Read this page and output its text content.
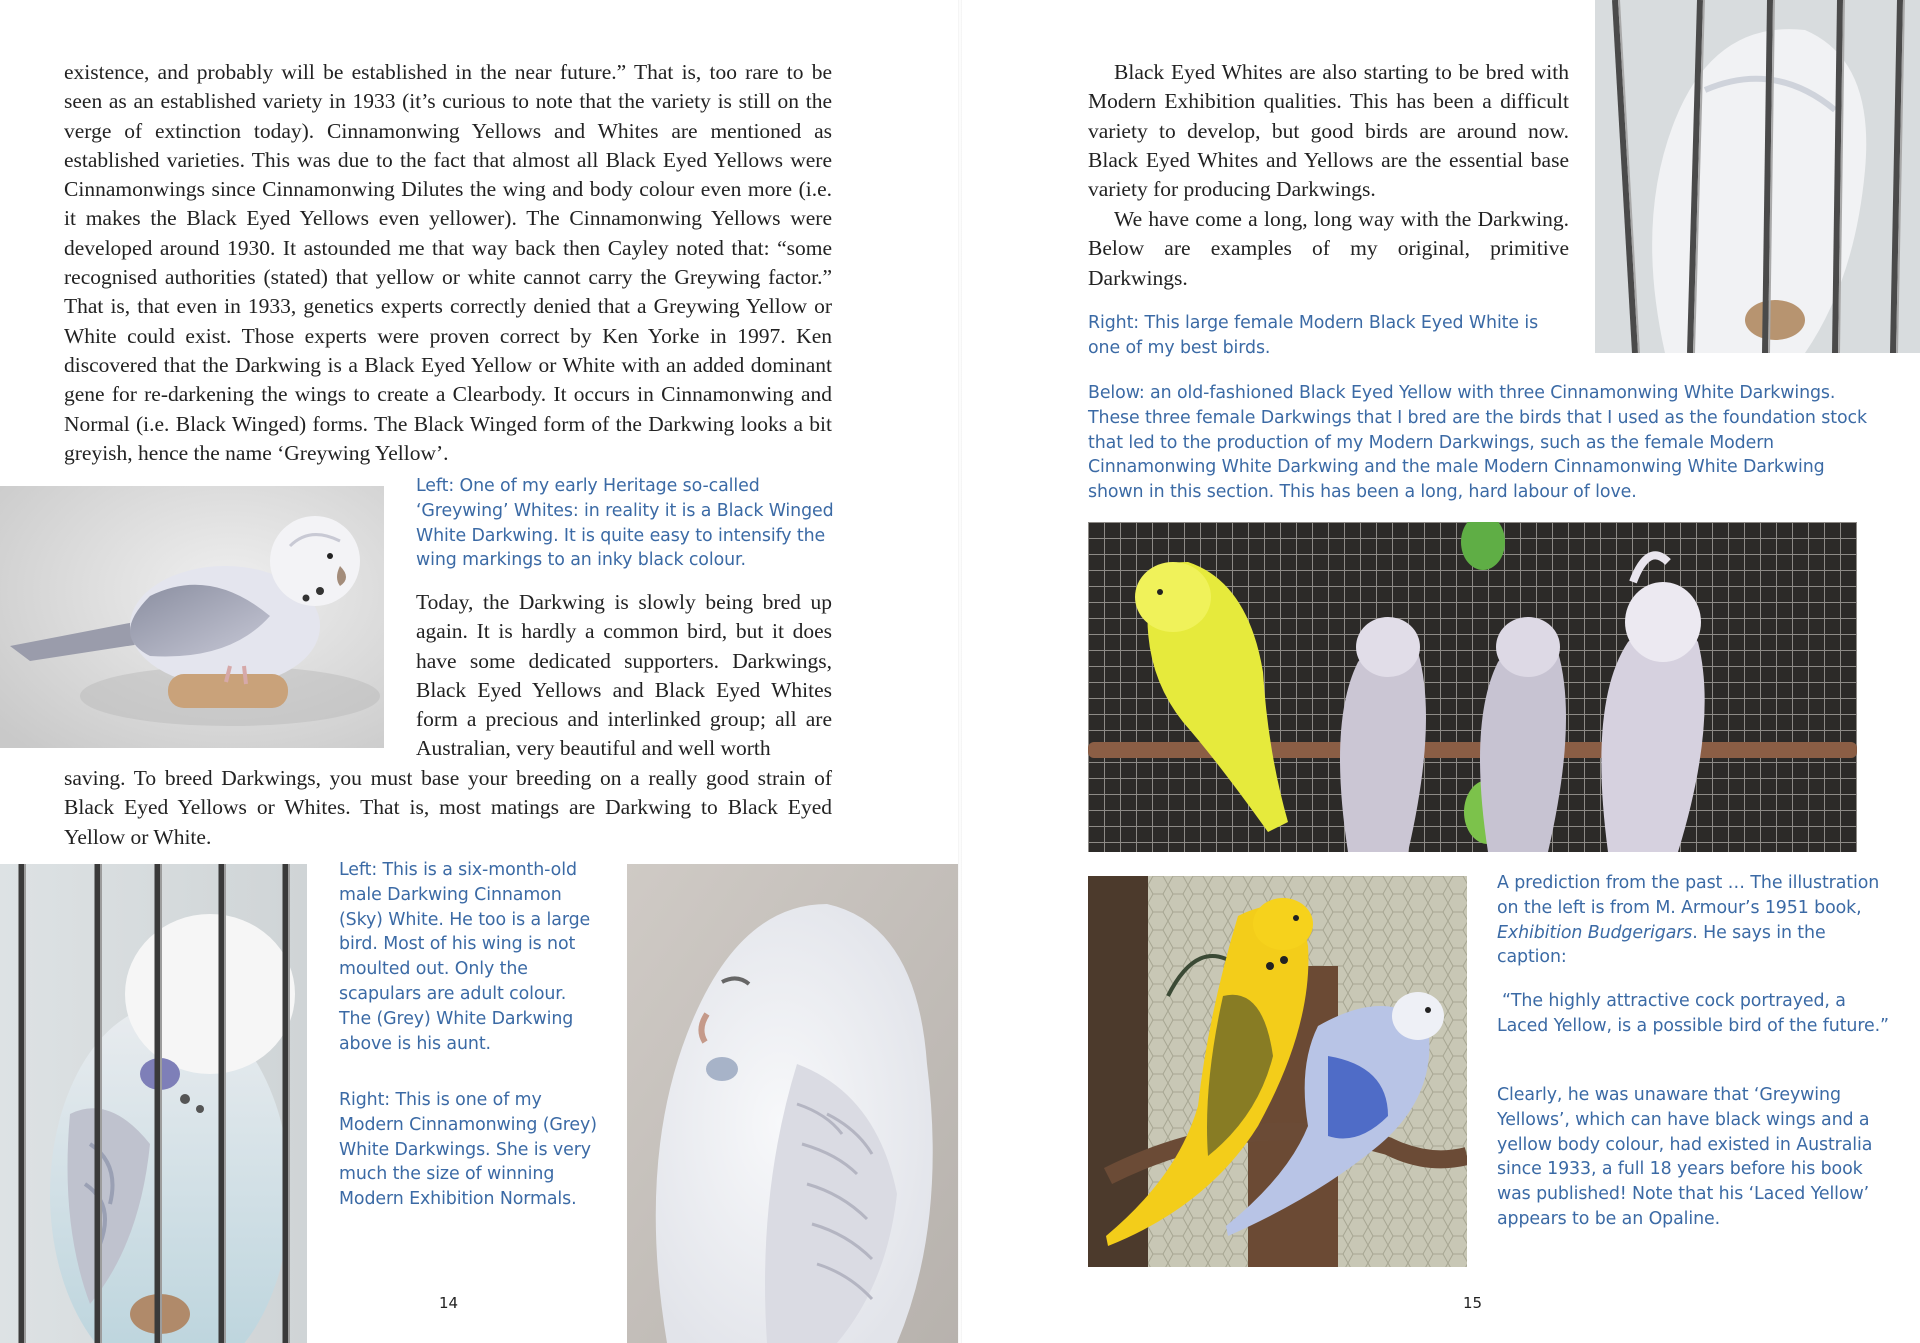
existence, and probably will be established in the near future.” That is, too rare to be seen as an established variety in 1933 (it’s curious to note that the variety is still on the verge of extinction today). Cinnamonwing Yellows and Whites are mentioned as established varieties. This was due to the fact that almost all Black Eyed Yellows were Cinnamonwings since Cinnamonwing Dilutes the wing and body colour even more (i.e. it makes the Black Eyed Yellows even yellower). The Cinnamonwing Yellows were developed around 1930. It astounded me that way back then Cayley noted that: “some recognised authorities (stated) that yellow or white cannot carry the Greywing factor.” That is, that even in 1933, genetics experts correctly denied that a Greywing Yellow or White could exist. Those experts were proven correct by Ken Yorke in 1997. Ken discovered that the Darkwing is a Black Eyed Yellow or White with an added dominant gene for re-darkening the wings to create a Clearbody. It occurs in Cinnamonwing and Normal (i.e. Black Winged) forms. The Black Winged form of the Darkwing looks a bit greyish, hence the name ‘Greywing Yellow’.

Left: One of my early Heritage so-called ‘Greywing’ Whites: in reality it is a Black Winged White Darkwing. It is quite easy to intensify the wing markings to an inky black colour.

Today, the Darkwing is slowly being bred up again. It is hardly a common bird, but it does have some dedicated supporters. Darkwings, Black Eyed Yellows and Black Eyed Whites form a precious and interlinked group; all are Australian, very beautiful and well worth

saving. To breed Darkwings, you must base your breeding on a really good strain of Black Eyed Yellows or Whites. That is, most matings are Darkwing to Black Eyed Yellow or White.

Left: This is a six-month-old male Darkwing Cinnamon (Sky) White. He too is a large bird. Most of his wing is not moulted out. Only the scapulars are adult colour. The (Grey) White Darkwing above is his aunt.

Right: This is one of my Modern Cinnamonwing (Grey) White Darkwings. She is very much the size of winning Modern Exhibition Normals.

14

Black Eyed Whites are also starting to be bred with Modern Exhibition qualities. This has been a difficult variety to develop, but good birds are around now. Black Eyed Whites and Yellows are the essential base variety for producing Darkwings.

We have come a long, long way with the Darkwing. Below are examples of my original, primitive Darkwings.

Right: This large female Modern Black Eyed White is one of my best birds.

Below: an old-fashioned Black Eyed Yellow with three Cinnamonwing White Darkwings. These three female Darkwings that I bred are the birds that I used as the foundation stock that led to the production of my Modern Darkwings, such as the female Modern Cinnamonwing White Darkwing and the male Modern Cinnamonwing White Darkwing shown in this section. This has been a long, hard labour of love.

A prediction from the past … The illustration on the left is from M. Armour’s 1951 book, Exhibition Budgerigars. He says in the caption:

“The highly attractive cock portrayed, a Laced Yellow, is a possible bird of the future.”

Clearly, he was unaware that ‘Greywing Yellows’, which can have black wings and a yellow body colour, had existed in Australia since 1933, a full 18 years before his book was published! Note that his ‘Laced Yellow’ appears to be an Opaline.

15
